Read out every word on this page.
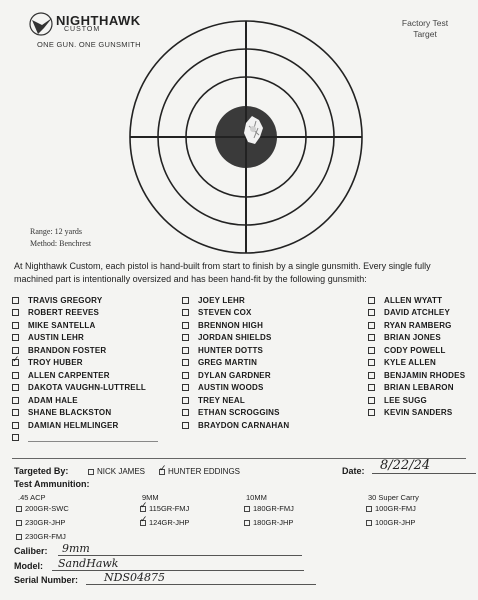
NIGHTHAWK
CUSTOM
ONE GUN. ONE GUNSMITH
Factory Test
Target
Range: 12 yards
Method: Benchrest
At Nighthawk Custom, each pistol is hand-built from start to finish by a single gunsmith. Every single fully machined part is intentionally oversized and has been hand-fit by the following gunsmith:
TRAVIS GREGORY
ROBERT REEVES
MIKE SANTELLA
AUSTIN LEHR
BRANDON FOSTER
✓
TROY HUBER
ALLEN CARPENTER
DAKOTA VAUGHN-LUTTRELL
ADAM HALE
SHANE BLACKSTON
DAMIAN HELMLINGER
JOEY LEHR
STEVEN COX
BRENNON HIGH
JORDAN SHIELDS
HUNTER DOTTS
GREG MARTIN
DYLAN GARDNER
AUSTIN WOODS
TREY NEAL
ETHAN SCROGGINS
BRAYDON CARNAHAN
ALLEN WYATT
DAVID ATCHLEY
RYAN RAMBERG
BRIAN JONES
CODY POWELL
KYLE ALLEN
BENJAMIN RHODES
BRIAN LEBARON
LEE SUGG
KEVIN SANDERS
Targeted By:	NICK JAMES
✓	HUNTER EDDINGS	Date:	8/22/24
Test Ammunition:
.45 ACP
200GR-SWC
230GR-JHP
230GR-FMJ
9MM
✓
115GR-FMJ
✓
124GR-JHP
10MM
180GR-FMJ
180GR-JHP
30 Super Carry
100GR-FMJ
100GR-JHP
Caliber:	9mm
Model:	SandHawk
Serial Number:	NDS04875
